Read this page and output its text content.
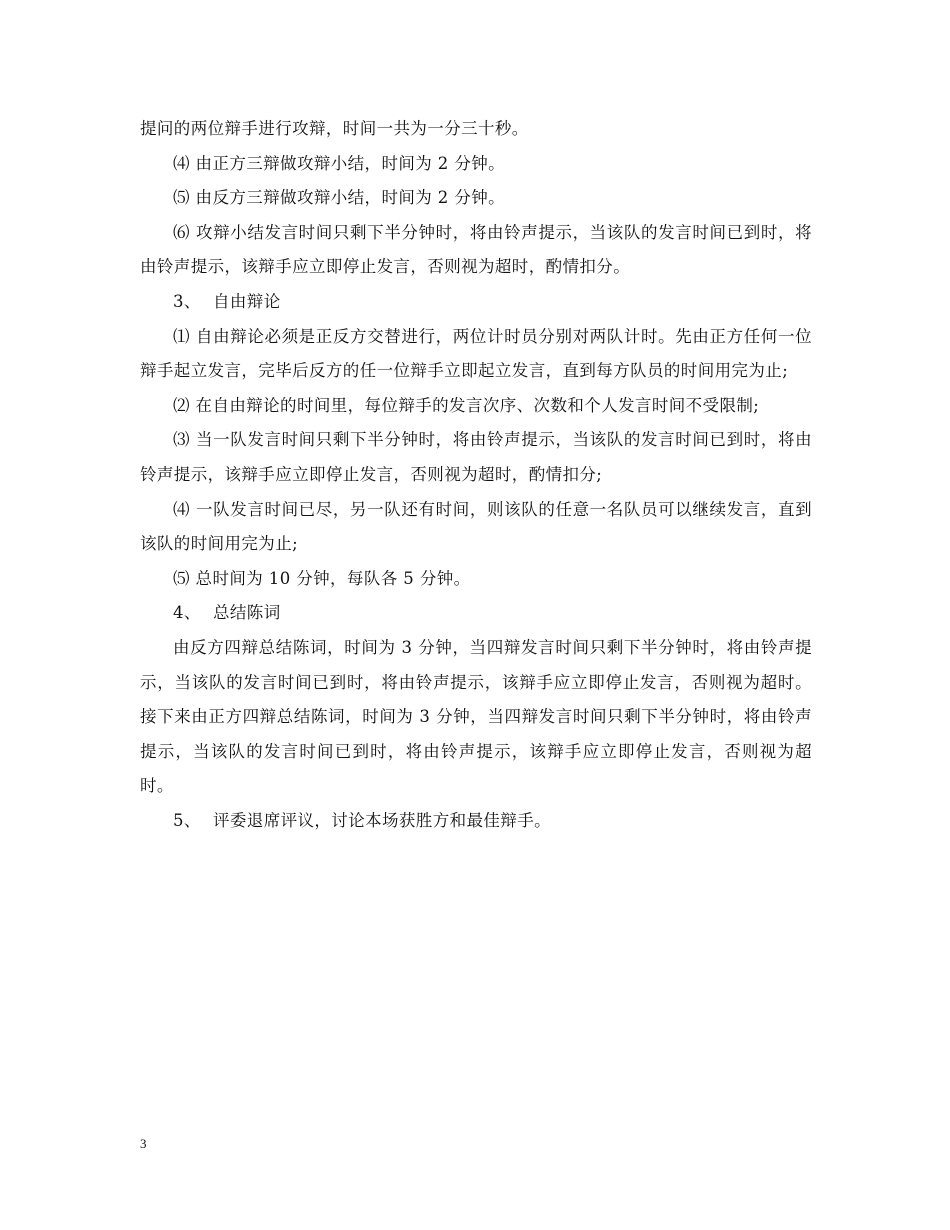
提问的两位辩手进行攻辩，时间一共为一分三十秒。

⑷ 由正方三辩做攻辩小结，时间为 2 分钟。

⑸ 由反方三辩做攻辩小结，时间为 2 分钟。

⑹ 攻辩小结发言时间只剩下半分钟时，将由铃声提示，当该队的发言时间已到时，将由铃声提示，该辩手应立即停止发言，否则视为超时，酌情扣分。

3、 自由辩论

⑴ 自由辩论必须是正反方交替进行，两位计时员分别对两队计时。先由正方任何一位辩手起立发言，完毕后反方的任一位辩手立即起立发言，直到每方队员的时间用完为止;

⑵ 在自由辩论的时间里，每位辩手的发言次序、次数和个人发言时间不受限制;

⑶ 当一队发言时间只剩下半分钟时，将由铃声提示，当该队的发言时间已到时，将由铃声提示，该辩手应立即停止发言，否则视为超时，酌情扣分;

⑷ 一队发言时间已尽，另一队还有时间，则该队的任意一名队员可以继续发言，直到该队的时间用完为止;

⑸ 总时间为 10 分钟，每队各 5 分钟。

4、 总结陈词

由反方四辩总结陈词，时间为 3 分钟，当四辩发言时间只剩下半分钟时，将由铃声提示，当该队的发言时间已到时，将由铃声提示，该辩手应立即停止发言，否则视为超时。接下来由正方四辩总结陈词，时间为 3 分钟，当四辩发言时间只剩下半分钟时，将由铃声提示，当该队的发言时间已到时，将由铃声提示，该辩手应立即停止发言，否则视为超时。

5、 评委退席评议，讨论本场获胜方和最佳辩手。

3
